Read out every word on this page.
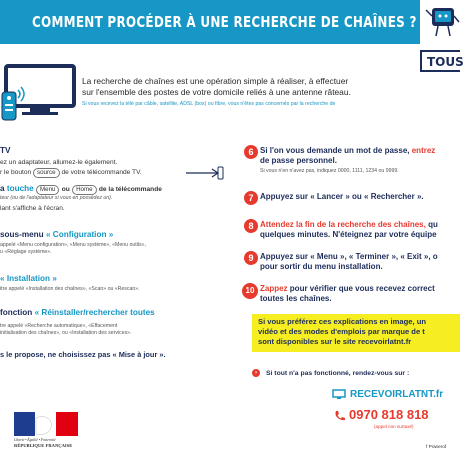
COMMENT PROCÉDER À UNE RECHERCHE DE CHAÎNES ?
TOUS
La recherche de chaînes est une opération simple à réaliser, à effectuer
sur l'ensemble des postes de votre domicile reliés à une antenne râteau.
Si vous recevez la télé par câble, satellite, ADSL (box) ou fibre, vous n'êtes pas concernés par la recherche de
TV
ez un adaptateur, allumez-le également.
r le bouton source de votre télécommande TV.
a touche Menu ou Home de la télécommande
teur (ou de l'adaptateur si vous en possédez un).
lant s'affiche à l'écran.
sous-menu « Configuration »
appelé «Menu configuration», «Menu système», «Menu outils»,
u «Réglage système».
« Installation »
itre appelé «Installation des chaînes», «Scan» ou «Rescan».
fonction « Réinstaller/rechercher toutes
tre appelé «Recherche automatique», «Effacement
initialisation des chaînes», ou «Installation des services».
s le propose, ne choisissez pas « Mise à jour ».
6 Si l'on vous demande un mot de passe, entrez
de passe personnel.
Si vous n'en n'avez pas, indiquez 0000, 1111, 1234 ou 9999.
7 Appuyez sur « Lancer » ou « Rechercher ».
8 Attendez la fin de la recherche des chaînes, qu
quelques minutes. N'éteignez par votre équipe
9 Appuyez sur « Menu », « Terminer », « Exit », o
pour sortir du menu installation.
10 Zappez pour vérifier que vous recevez correct
toutes les chaînes.
Si vous préférez ces explications en image, un
vidéo et des modes d'emplois par marque de t
sont disponibles sur le site recevoirlatnt.fr
› Si tout n'a pas fonctionné, rendez-vous sur :
RECEVOIRLATNT.fr
0970 818 818
(appel non surtaxé)
f Powerof
Liberté • Égalité • Fraternité
RÉPUBLIQUE FRANÇAISE
